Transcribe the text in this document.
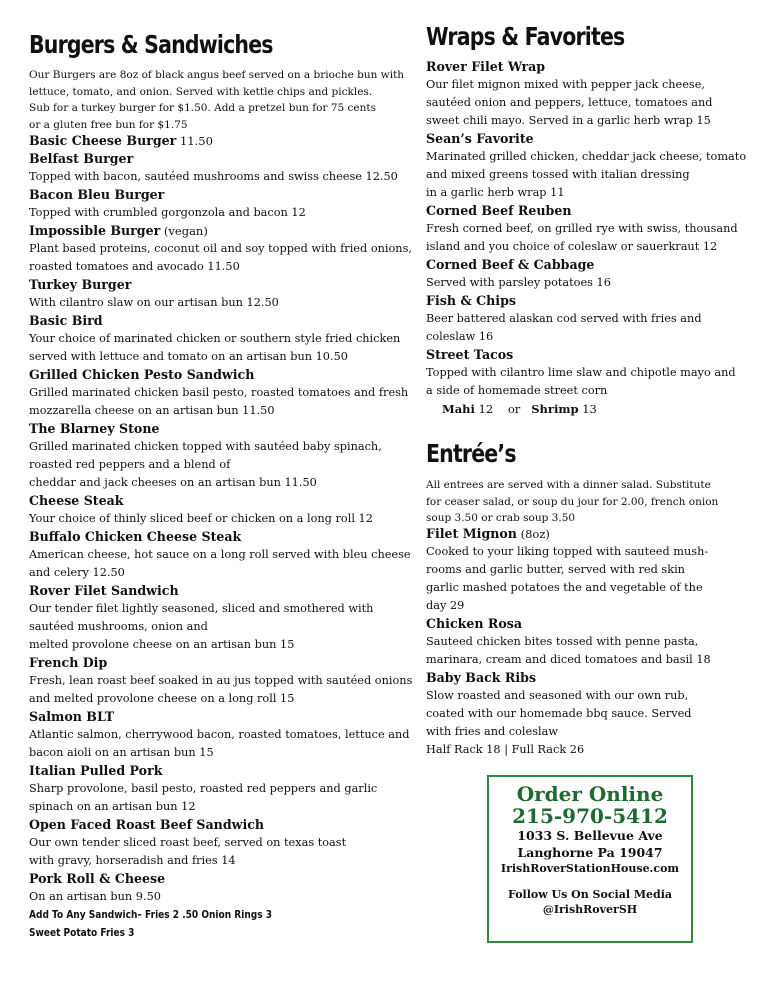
Burgers & Sandwiches
Our Burgers are 8oz of black angus beef served on a brioche bun with
lettuce, tomato, and onion. Served with kettle chips and pickles.
Sub for a turkey burger for $1.50. Add a pretzel bun for 75 cents
or a gluten free bun for $1.75
Basic Cheese Burger 11.50
Belfast Burger
Topped with bacon, sautéed mushrooms and swiss cheese 12.50
Bacon Bleu Burger
Topped with crumbled gorgonzola and bacon 12
Impossible Burger (vegan)
Plant based proteins, coconut oil and soy topped with fried onions,
roasted tomatoes and avocado 11.50
Turkey Burger
With cilantro slaw on our artisan bun 12.50
Basic Bird
Your choice of marinated chicken or southern style fried chicken
served with lettuce and tomato on an artisan bun 10.50
Grilled Chicken Pesto Sandwich
Grilled marinated chicken basil pesto, roasted tomatoes and fresh
mozzarella cheese on an artisan bun 11.50
The Blarney Stone
Grilled marinated chicken topped with sautéed baby spinach,
roasted red peppers and a blend of
cheddar and jack cheeses on an artisan bun 11.50
Cheese Steak
Your choice of thinly sliced beef or chicken on a long roll 12
Buffalo Chicken Cheese Steak
American cheese, hot sauce on a long roll served with bleu cheese
and celery 12.50
Rover Filet Sandwich
Our tender filet lightly seasoned, sliced and smothered with
sautéed mushrooms, onion and
melted provolone cheese on an artisan bun 15
French Dip
Fresh, lean roast beef soaked in au jus topped with sautéed onions
and melted provolone cheese on a long roll 15
Salmon BLT
Atlantic salmon, cherrywood bacon, roasted tomatoes, lettuce and
bacon aioli on an artisan bun 15
Italian Pulled Pork
Sharp provolone, basil pesto, roasted red peppers and garlic
spinach on an artisan bun 12
Open Faced Roast Beef Sandwich
Our own tender sliced roast beef, served on texas toast
with gravy, horseradish and fries 14
Pork Roll & Cheese
On an artisan bun 9.50
Add To Any Sandwich– Fries 2 .50 Onion Rings 3
Sweet Potato Fries 3
Wraps & Favorites
Rover Filet Wrap
Our filet mignon mixed with pepper jack cheese,
sautéed onion and peppers, lettuce, tomatoes and
sweet chili mayo. Served in a garlic herb wrap 15
Sean’s Favorite
Marinated grilled chicken, cheddar jack cheese, tomato
and mixed greens tossed with italian dressing
in a garlic herb wrap 11
Corned Beef Reuben
Fresh corned beef, on grilled rye with swiss, thousand
island and you choice of coleslaw or sauerkraut 12
Corned Beef & Cabbage
Served with parsley potatoes 16
Fish & Chips
Beer battered alaskan cod served with fries and
coleslaw 16
Street Tacos
Topped with cilantro lime slaw and chipotle mayo and
a side of homemade street corn
Mahi 12 or Shrimp 13
Entrée’s
All entrees are served with a dinner salad. Substitute
for ceaser salad, or soup du jour for 2.00, french onion
soup 3.50 or crab soup 3.50
Filet Mignon (8oz)
Cooked to your liking topped with sauteed mush-
rooms and garlic butter, served with red skin
garlic mashed potatoes the and vegetable of the
day 29
Chicken Rosa
Sauteed chicken bites tossed with penne pasta,
marinara, cream and diced tomatoes and basil 18
Baby Back Ribs
Slow roasted and seasoned with our own rub,
coated with our homemade bbq sauce. Served
with fries and coleslaw
Half Rack 18 | Full Rack 26
Order Online
215-970-5412
1033 S. Bellevue Ave
Langhorne Pa 19047
IrishRoverStationHouse.com
Follow Us On Social Media
@IrishRoverSH
